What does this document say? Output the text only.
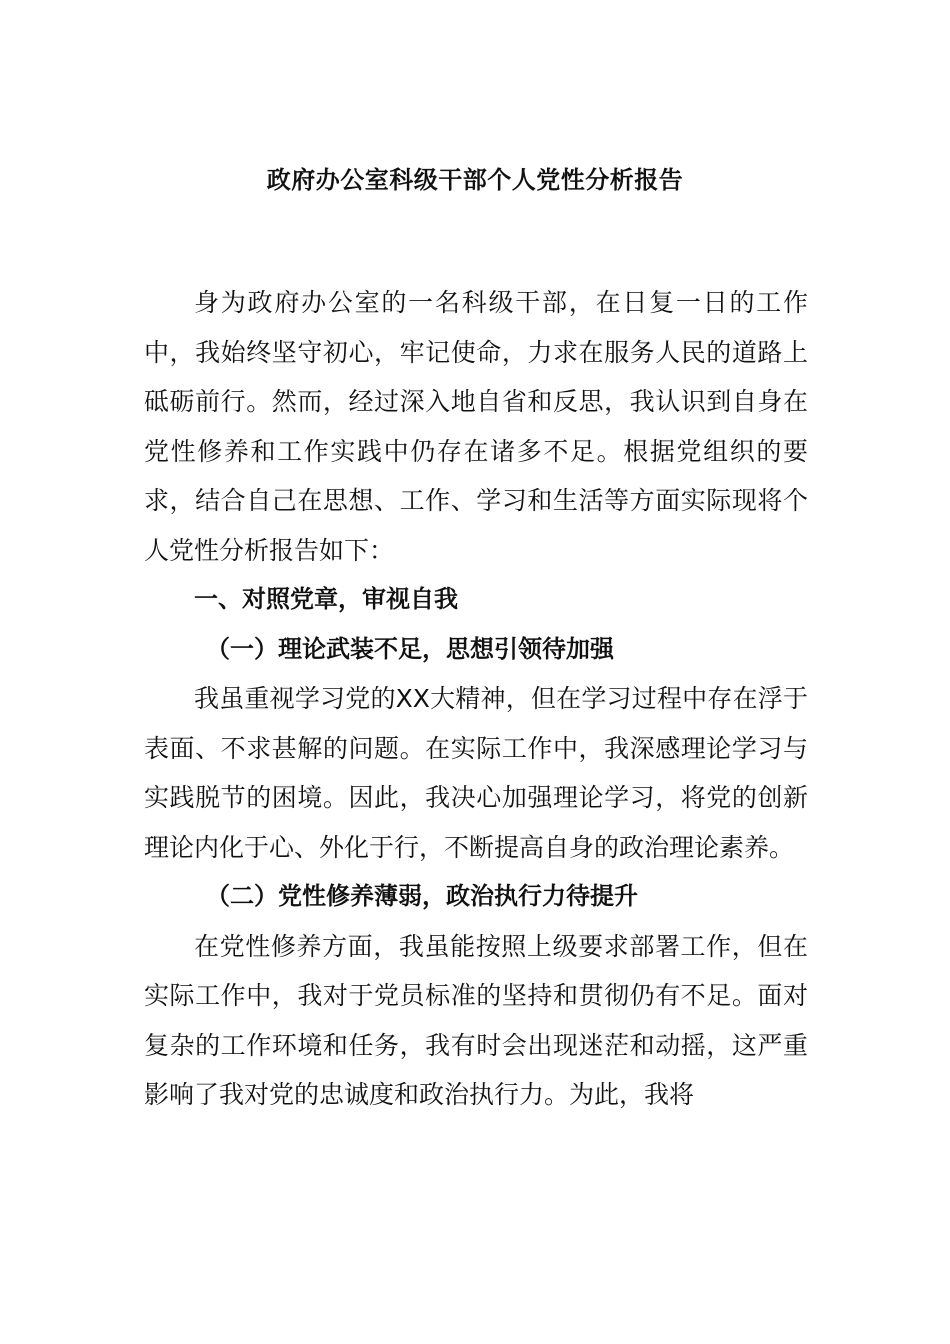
政府办公室科级干部个人党性分析报告

身为政府办公室的一名科级干部，在日复一日的工作中，我始终坚守初心，牢记使命，力求在服务人民的道路上砥砺前行。然而，经过深入地自省和反思，我认识到自身在党性修养和工作实践中仍存在诸多不足。根据党组织的要求，结合自己在思想、工作、学习和生活等方面实际现将个人党性分析报告如下：

一、对照党章，审视自我

（一）理论武装不足，思想引领待加强

我虽重视学习党的XX大精神，但在学习过程中存在浮于表面、不求甚解的问题。在实际工作中，我深感理论学习与实践脱节的困境。因此，我决心加强理论学习，将党的创新理论内化于心、外化于行，不断提高自身的政治理论素养。

（二）党性修养薄弱，政治执行力待提升

在党性修养方面，我虽能按照上级要求部署工作，但在实际工作中，我对于党员标准的坚持和贯彻仍有不足。面对复杂的工作环境和任务，我有时会出现迷茫和动摇，这严重影响了我对党的忠诚度和政治执行力。为此，我将
